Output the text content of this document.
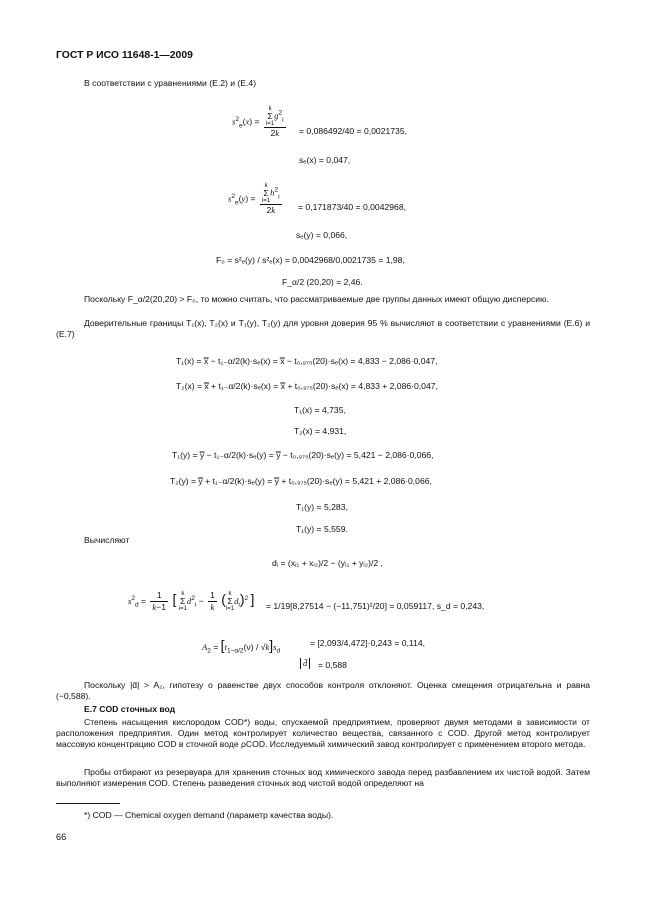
ГОСТ Р ИСО 11648-1—2009
В соответствии с уравнениями (Е.2) и (Е.4)
$s^2_e(x) = k$
Σ
i=1
$g^2_i$
2k = 0,086492/40 = 0,0021735,
sₑ(x) = 0,047,
$s^2_e(y) = k$
Σ
i=1
$h^2_i$
2k = 0,171873/40 = 0,0042968,
sₑ(y) = 0,066,
F₀ = s²ₑ(y) / s²ₑ(x) = 0,0042968/0,0021735 = 1,98,
F_α/2 (20,20) = 2,46.
Поскольку F_α/2(20,20) > F₀, то можно считать, что рассматриваемые две группы данных имеют общую дисперсию.
Доверительные границы T₁(x), T₂(x) и T₁(y), T₂(y) для уровня доверия 95 % вычисляют в соответствии с уравнениями (Е.6) и (Е.7)
T₁(x) = x̿ − t₁₋α/2(k)·sₑ(x) = x̿ − t₀,₉₇₅(20)·sₑ(x) = 4,833 − 2,086·0,047,
T₂(x) = x̿ + t₁₋α/2(k)·sₑ(x) = x̿ + t₀,₉₇₅(20)·sₑ(x) = 4,833 + 2,086·0,047,
T₁(x) = 4,735,
T₂(x) = 4,931,
T₁(y) = y̿ − t₁₋α/2(k)·sₑ(y) = y̿ − t₀,₉₇₅(20)·sₑ(y) = 5,421 − 2,086·0,066,
T₂(y) = y̿ + t₁₋α/2(k)·sₑ(y) = y̿ + t₀,₉₇₅(20)·sₑ(y) = 5,421 + 2,086·0,066,
T₁(y) = 5,283,
T₁(y) = 5,559.
Вычисляют
dᵢ = (xᵢ₁ + xᵢ₂)/2 − (yᵢ₁ + yᵢ₂)/2 ,
$s^2_d = \frac{1}{k-1}$ [ k
Σ
i=1
$d^2_i - \frac{1}{k}$ ( k
Σ
i=1
$d_i)^2$ ] = 1/19[8,27514 − (−11,751)²/20] = 0,059117, s_d = 0,243,
$A_2 = [t_{1-\alpha/2}(\nu) / √k]s_d$
= [2,093/4,472]·0,243 = 0,114,
d̄	= 0,588
Поскольку |d̄| > A₂, гипотезу о равенстве двух способов контроля отклоняют. Оценка смещения отрицательна и равна (−0,588).
Е.7 COD сточных вод
Степень насыщения кислородом COD*) воды, спускаемой предприятием, проверяют двумя методами в зависимости от расположения предприятия. Один метод контролирует количество вещества, связанного с COD. Другой метод контролирует массовую концентрацию COD в сточной воде ρCOD. Исследуемый химический завод контролирует с применением второго метода.
Пробы отбирают из резервуара для хранения сточных вод химического завода перед разбавлением их чистой водой. Затем выполняют измерения COD. Степень разведения сточных вод чистой водой определяют на
*) COD — Chemical oxygen demand (параметр качества воды).
66
